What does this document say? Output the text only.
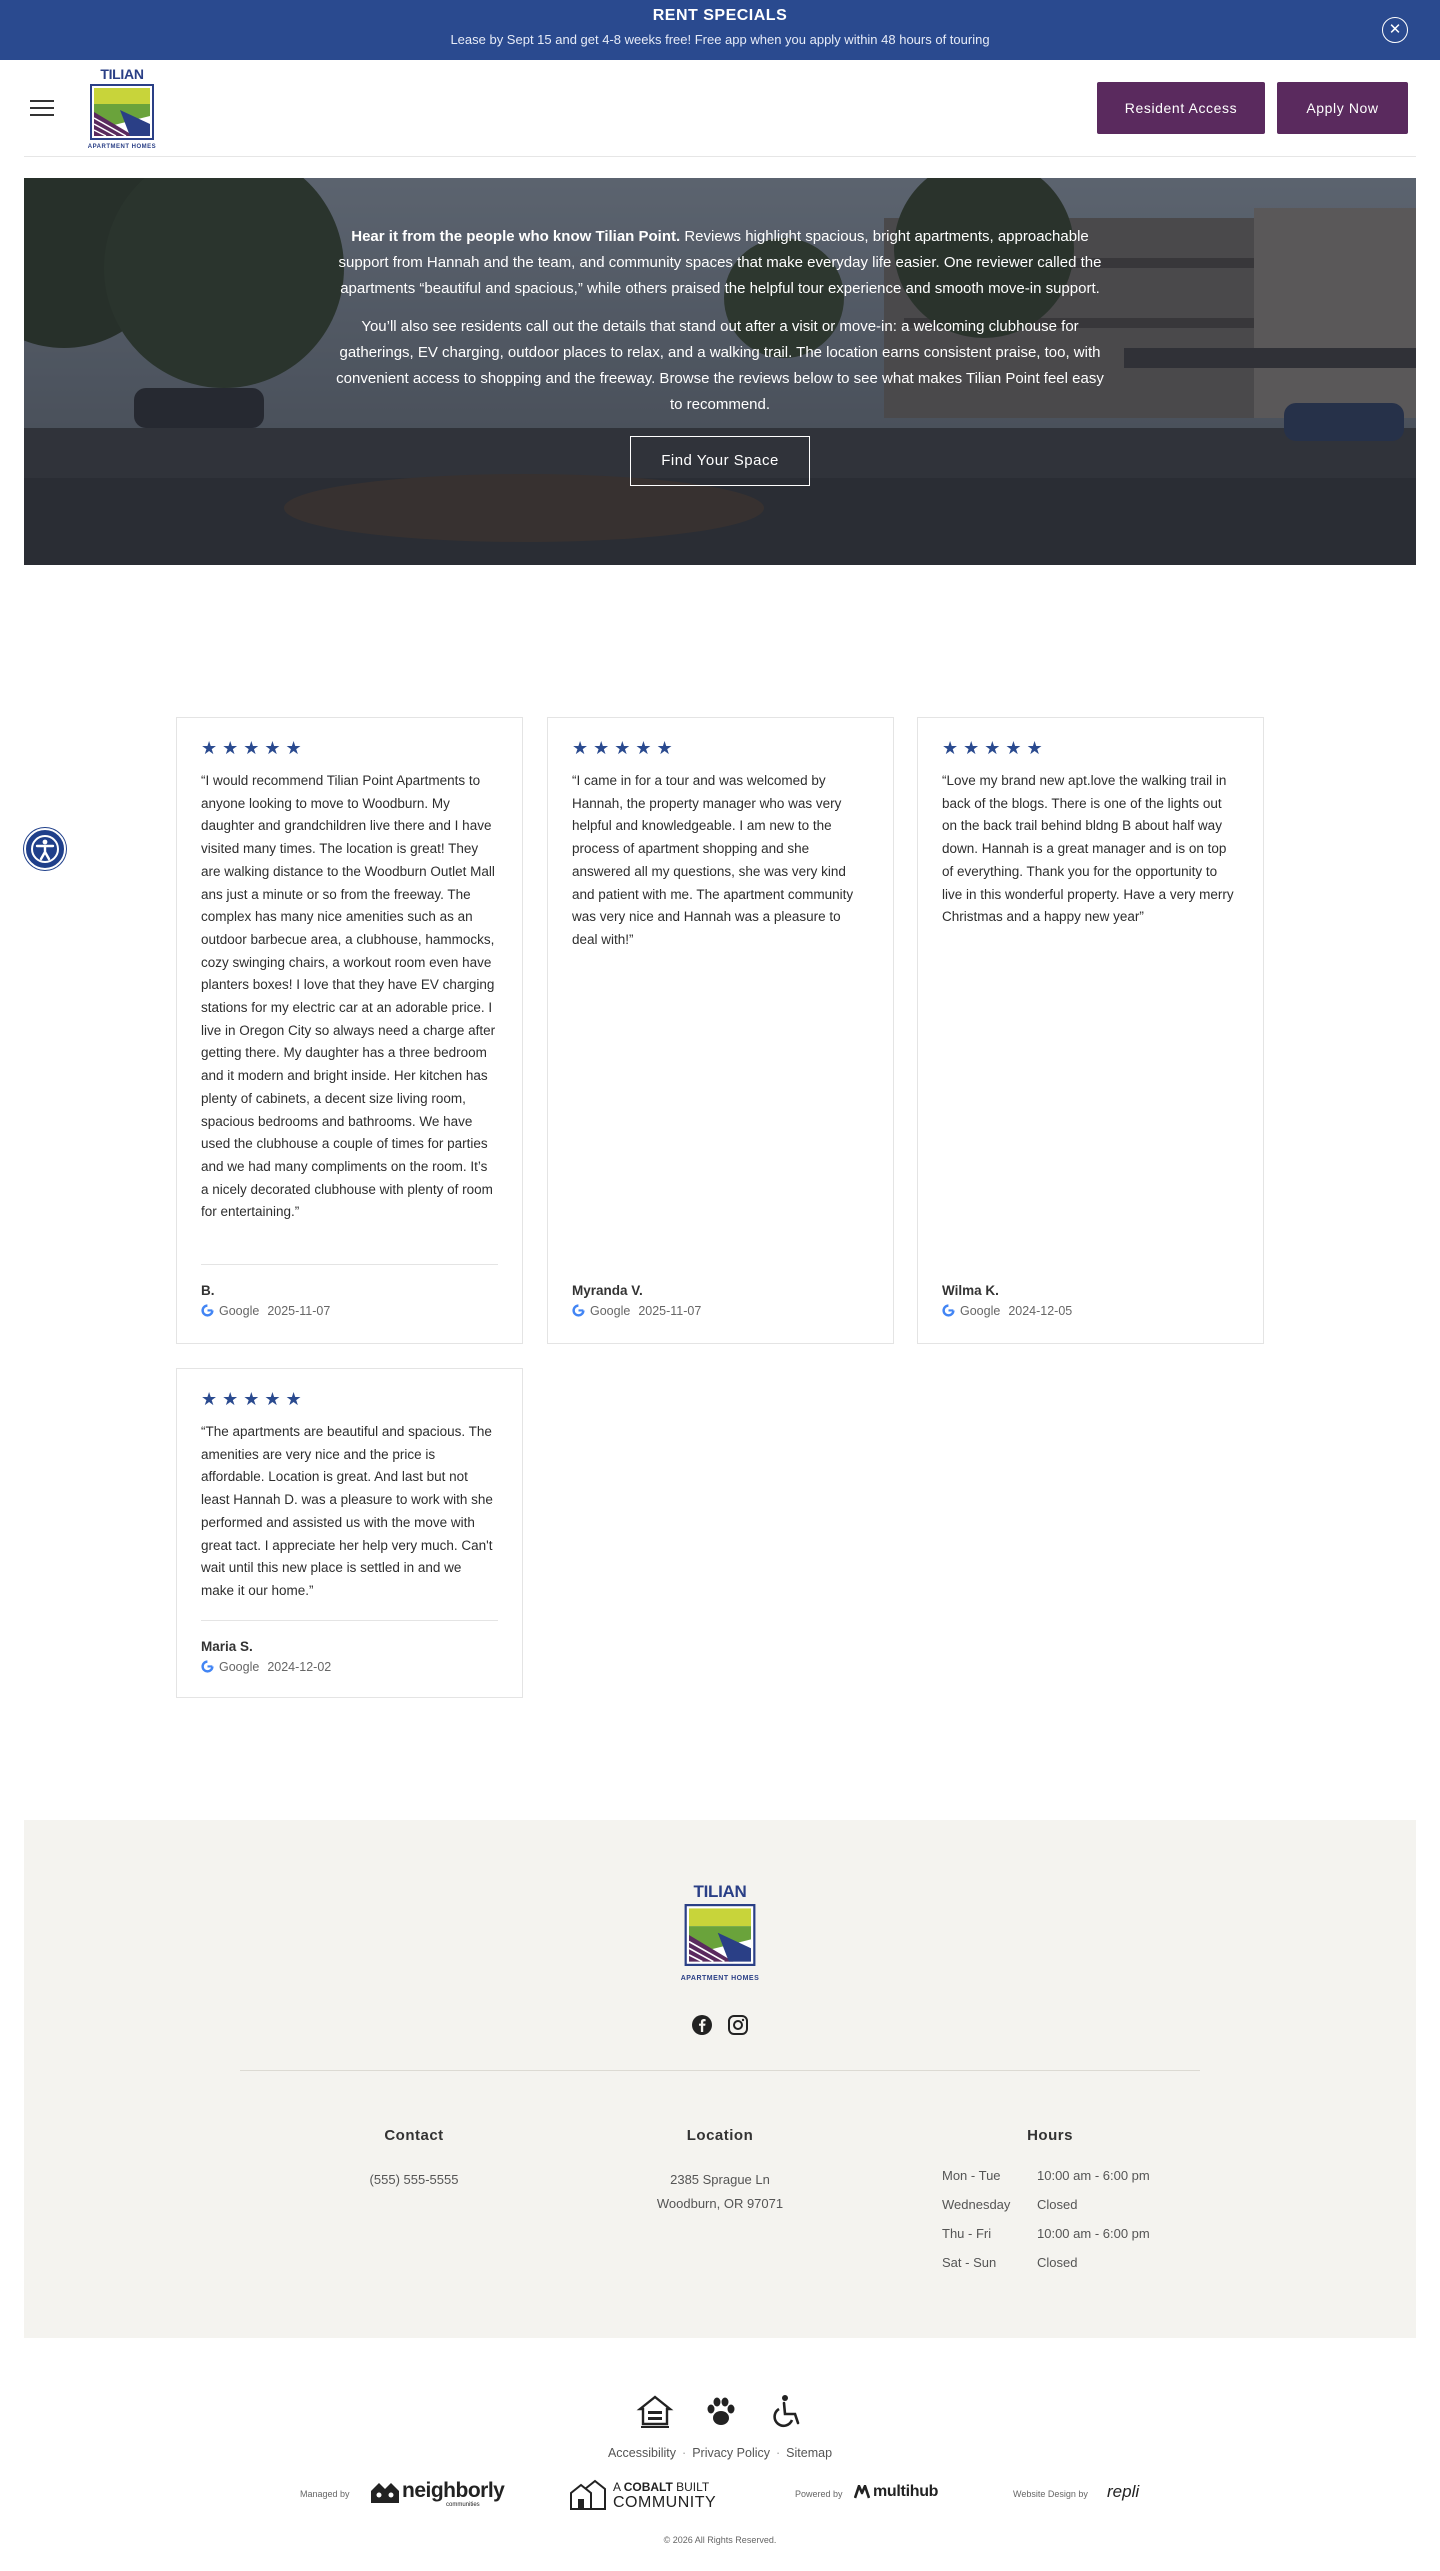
RENT SPECIALS
Lease by Sept 15 and get 4-8 weeks free! Free app when you apply within 48 hours of touring
✕
TILIAN
APARTMENT HOMES
Resident Access	Apply Now

Hear it from the people who know Tilian Point. Reviews highlight spacious, bright apartments, approachable support from Hannah and the team, and community spaces that make everyday life easier. One reviewer called the apartments “beautiful and spacious,” while others praised the helpful tour experience and smooth move-in support.

You’ll also see residents call out the details that stand out after a visit or move-in: a welcoming clubhouse for gatherings, EV charging, outdoor places to relax, and a walking trail. The location earns consistent praise, too, with convenient access to shopping and the freeway. Browse the reviews below to see what makes Tilian Point feel easy to recommend.

Find Your Space
★★★★★
“I would recommend Tilian Point Apartments to anyone looking to move to Woodburn. My daughter and grandchildren live there and I have visited many times. The location is great! They are walking distance to the Woodburn Outlet Mall ans just a minute or so from the freeway. The complex has many nice amenities such as an outdoor barbecue area, a clubhouse, hammocks, cozy swinging chairs, a workout room even have planters boxes! I love that they have EV charging stations for my electric car at an adorable price. I live in Oregon City so always need a charge after getting there. My daughter has a three bedroom and it modern and bright inside. Her kitchen has plenty of cabinets, a decent size living room, spacious bedrooms and bathrooms. We have used the clubhouse a couple of times for parties and we had many compliments on the room. It’s a nicely decorated clubhouse with plenty of room for entertaining.”
B.
Google 2025-11-07
★★★★★
“I came in for a tour and was welcomed by Hannah, the property manager who was very helpful and knowledgeable. I am new to the process of apartment shopping and she answered all my questions, she was very kind and patient with me. The apartment community was very nice and Hannah was a pleasure to deal with!”
Myranda V.
Google 2025-11-07
★★★★★
“Love my brand new apt.love the walking trail in back of the blogs. There is one of the lights out on the back trail behind bldng B about half way down. Hannah is a great manager and is on top of everything. Thank you for the opportunity to live in this wonderful property. Have a very merry Christmas and a happy new year”
Wilma K.
Google 2024-12-05
★★★★★
“The apartments are beautiful and spacious. The amenities are very nice and the price is affordable. Location is great. And last but not least Hannah D. was a pleasure to work with she performed and assisted us with the move with great tact. I appreciate her help very much. Can't wait until this new place is settled in and we make it our home.”
Maria S.
Google 2024-12-02
TILIAN
APARTMENT HOMES
Contact
(555) 555-5555
Location
2385 Sprague Ln
Woodburn, OR 97071
Hours
Mon - Tue	10:00 am - 6:00 pm
Wednesday Closed
Thu - Fri	10:00 am - 6:00 pm
Sat - Sun	Closed
Accessibility · Privacy Policy · Sitemap
Managed by neighborly
communities
A COBALT BUILT
COMMUNITY	Powered by multihub	Website Design by repli
© 2026 All Rights Reserved.
